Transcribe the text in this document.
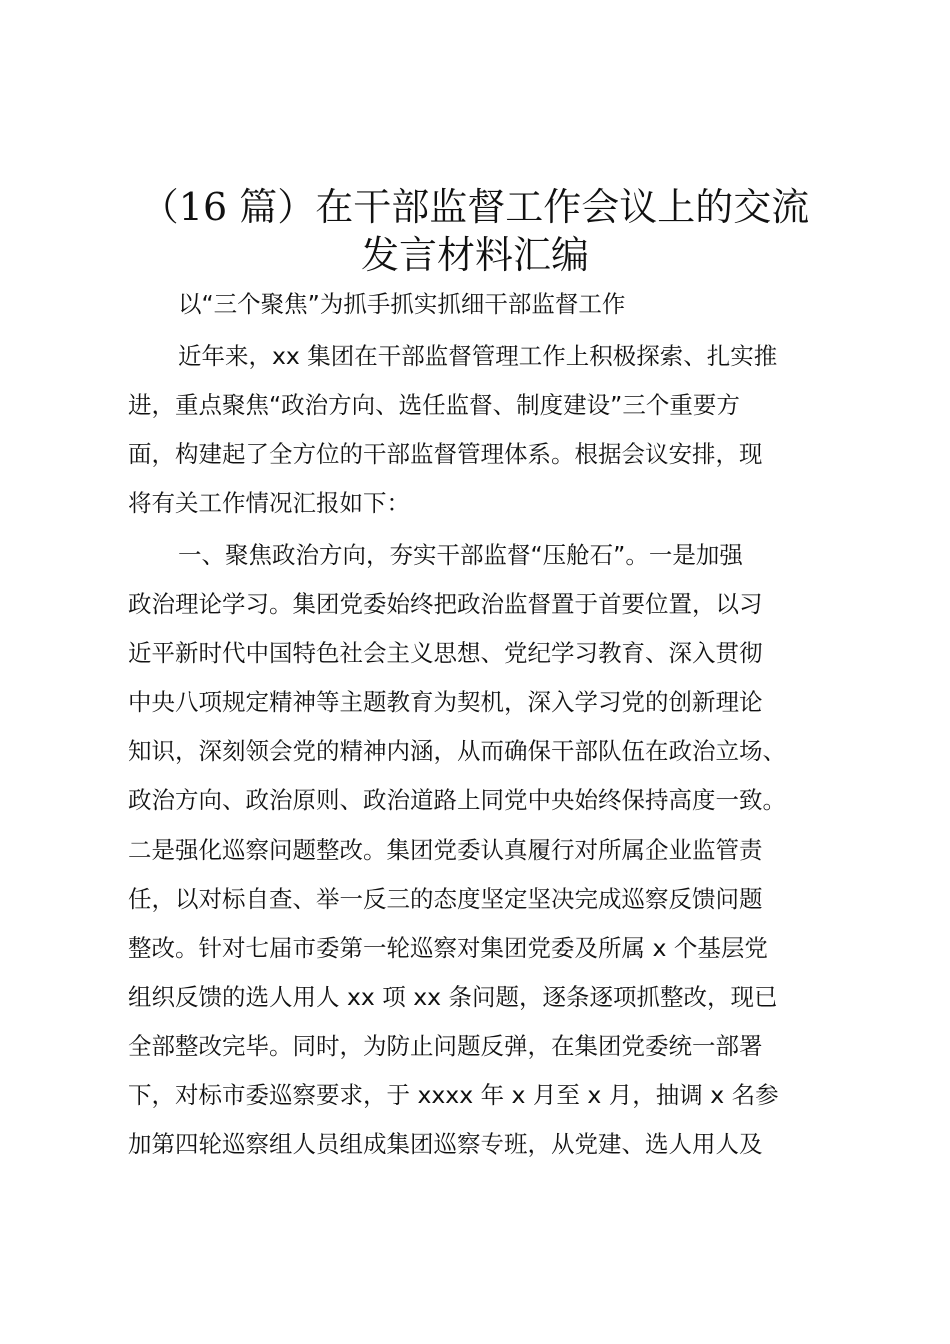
（16 篇）在干部监督工作会议上的交流
发言材料汇编
以“三个聚焦”为抓手抓实抓细干部监督工作
近年来，xx 集团在干部监督管理工作上积极探索、扎实推
进，重点聚焦“政治方向、选任监督、制度建设”三个重要方
面，构建起了全方位的干部监督管理体系。根据会议安排，现
将有关工作情况汇报如下：
一、聚焦政治方向，夯实干部监督“压舱石”。一是加强
政治理论学习。集团党委始终把政治监督置于首要位置，以习
近平新时代中国特色社会主义思想、党纪学习教育、深入贯彻
中央八项规定精神等主题教育为契机，深入学习党的创新理论
知识，深刻领会党的精神内涵，从而确保干部队伍在政治立场、
政治方向、政治原则、政治道路上同党中央始终保持高度一致。
二是强化巡察问题整改。集团党委认真履行对所属企业监管责
任，以对标自查、举一反三的态度坚定坚决完成巡察反馈问题
整改。针对七届市委第一轮巡察对集团党委及所属 x 个基层党
组织反馈的选人用人 xx 项 xx 条问题，逐条逐项抓整改，现已
全部整改完毕。同时，为防止问题反弹，在集团党委统一部署
下，对标市委巡察要求，于 xxxx 年 x 月至 x 月，抽调 x 名参
加第四轮巡察组人员组成集团巡察专班，从党建、选人用人及
